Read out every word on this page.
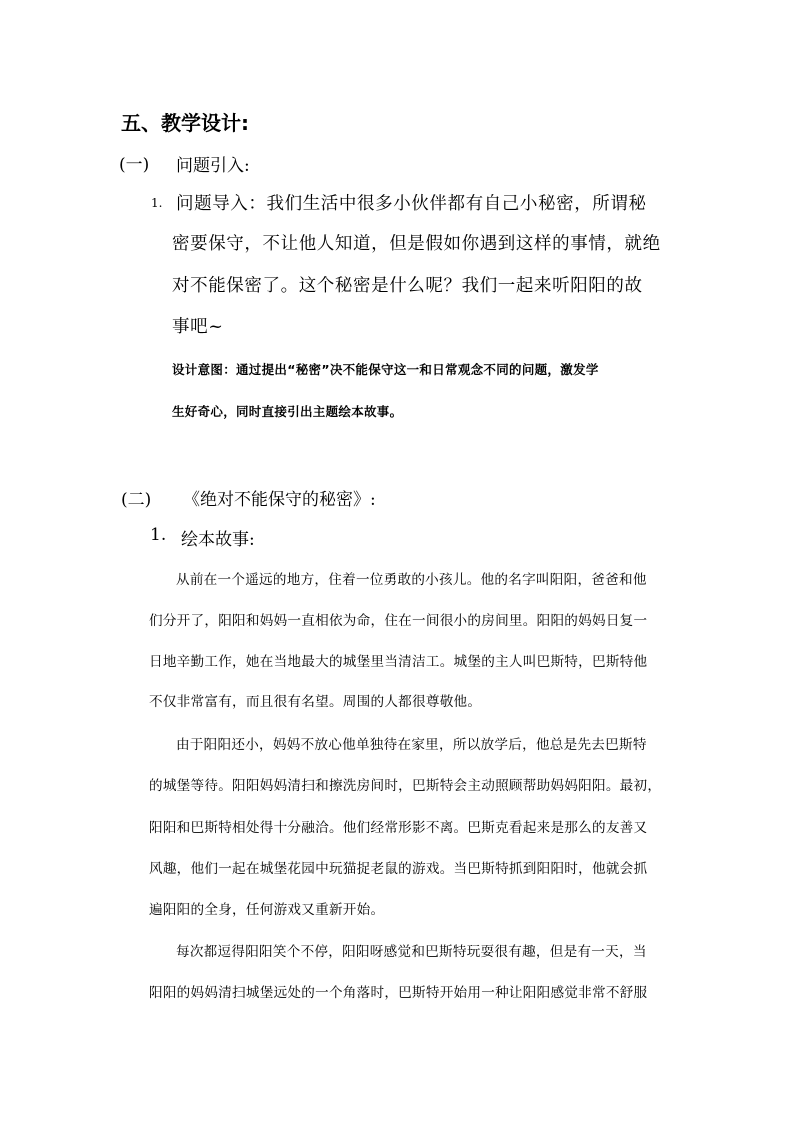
五、教学设计:
(一) 问题引入:
1. 问题导入：我们生活中很多小伙伴都有自己小秘密，所谓秘
密要保守，不让他人知道，但是假如你遇到这样的事情，就绝
对不能保密了。这个秘密是什么呢？我们一起来听阳阳的故
事吧~
设计意图：通过提出“秘密”决不能保守这一和日常观念不同的问题，激发学
生好奇心，同时直接引出主题绘本故事。
(二) 《绝对不能保守的秘密》:
1. 绘本故事:
从前在一个遥远的地方，住着一位勇敢的小孩儿。他的名字叫阳阳，爸爸和他
们分开了，阳阳和妈妈一直相依为命，住在一间很小的房间里。阳阳的妈妈日复一
日地辛勤工作，她在当地最大的城堡里当清洁工。城堡的主人叫巴斯特，巴斯特他
不仅非常富有，而且很有名望。周围的人都很尊敬他。
由于阳阳还小，妈妈不放心他单独待在家里，所以放学后，他总是先去巴斯特
的城堡等待。阳阳妈妈清扫和擦洗房间时，巴斯特会主动照顾帮助妈妈阳阳。最初，
阳阳和巴斯特相处得十分融洽。他们经常形影不离。巴斯克看起来是那么的友善又
风趣，他们一起在城堡花园中玩猫捉老鼠的游戏。当巴斯特抓到阳阳时，他就会抓
遍阳阳的全身，任何游戏又重新开始。
每次都逗得阳阳笑个不停，阳阳呀感觉和巴斯特玩耍很有趣，但是有一天，当
阳阳的妈妈清扫城堡远处的一个角落时，巴斯特开始用一种让阳阳感觉非常不舒服
